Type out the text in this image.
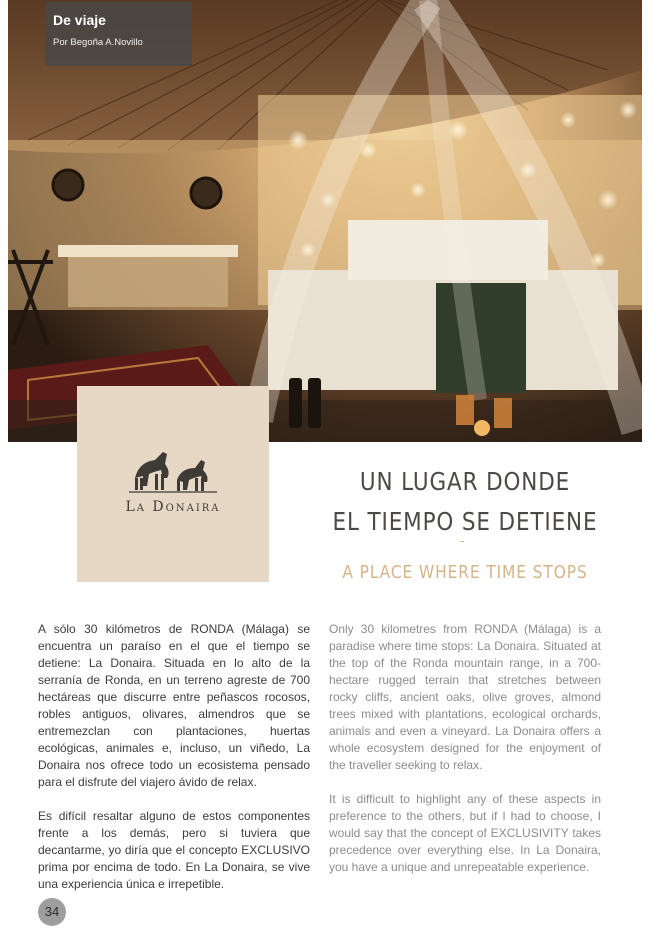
De viaje
Por Begoña A.Novillo
La Donaira
UN LUGAR DONDE
EL TIEMPO SE DETIENE
A PLACE WHERE TIME STOPS

A sólo 30 kilómetros de RONDA (Málaga) se encuentra un paraíso en el que el tiempo se detiene: La Donaira. Situada en lo alto de la serranía de Ronda, en un terreno agreste de 700 hectáreas que discurre entre peñascos rocosos, robles antiguos, olivares, almendros que se entremezclan con plantaciones, huertas ecológicas, animales e, incluso, un viñedo, La Donaira nos ofrece todo un ecosistema pensado para el disfrute del viajero ávido de relax.

Es difícil resaltar alguno de estos componentes frente a los demás, pero si tuviera que decantarme, yo diría que el concepto EXCLUSIVO prima por encima de todo. En La Donaira, se vive una experiencia única e irrepetible.

Only 30 kilometres from RONDA (Málaga) is a paradise where time stops: La Donaira. Situated at the top of the Ronda mountain range, in a 700-hectare rugged terrain that stretches between rocky cliffs, ancient oaks, olive groves, almond trees mixed with plantations, ecological orchards, animals and even a vineyard. La Donaira offers a whole ecosystem designed for the enjoyment of the traveller seeking to relax.

It is difficult to highlight any of these aspects in preference to the others, but if I had to choose, I would say that the concept of EXCLUSIVITY takes precedence over everything else. In La Donaira, you have a unique and unrepeatable experience.

34
